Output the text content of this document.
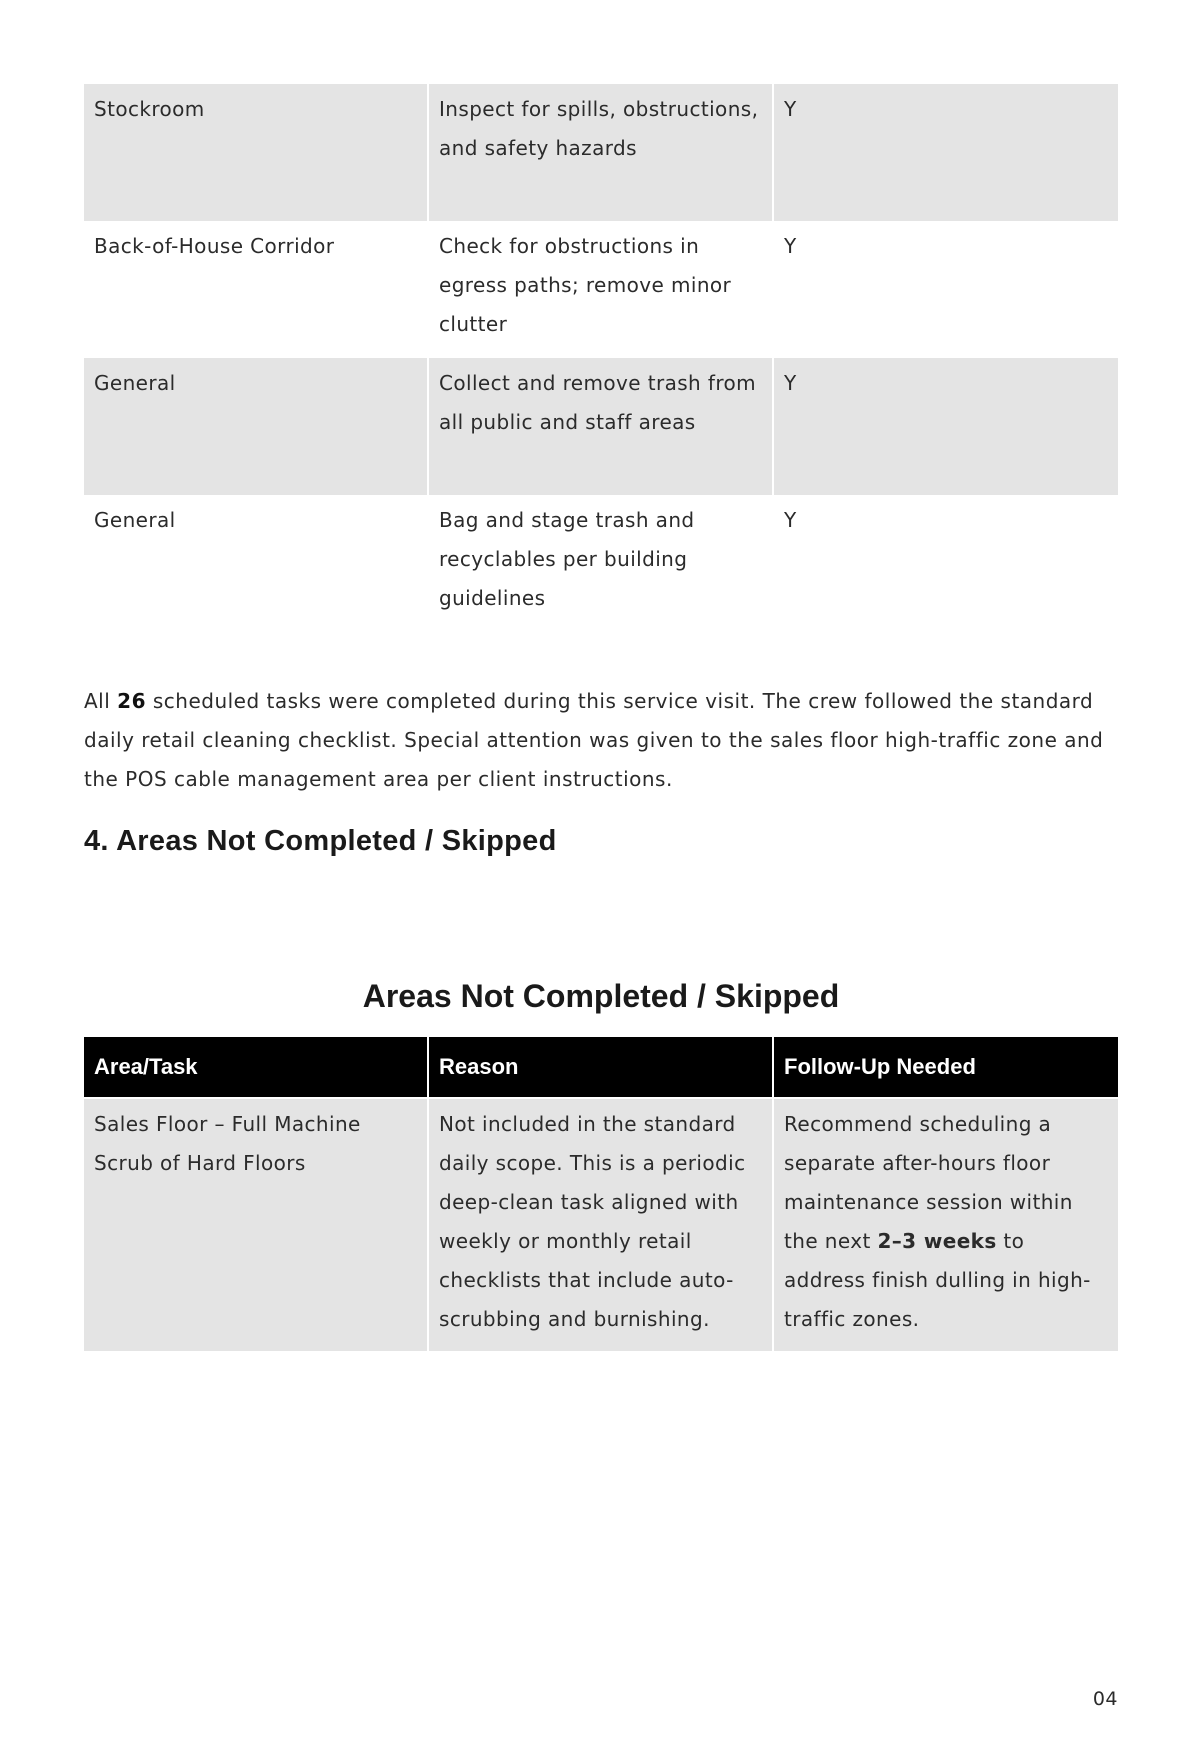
Stockroom	Inspect for spills, obstructions, and safety hazards	Y
Back-of-House Corridor	Check for obstructions in egress paths; remove minor clutter	Y
General	Collect and remove trash from all public and staff areas	Y
General	Bag and stage trash and recyclables per building guidelines	Y

All 26 scheduled tasks were completed during this service visit. The crew followed the standard daily retail cleaning checklist. Special attention was given to the sales floor high-traffic zone and the POS cable management area per client instructions.

4. Areas Not Completed / Skipped
Areas Not Completed / Skipped
Area/Task	Reason	Follow-Up Needed
Sales Floor – Full Machine Scrub of Hard Floors	Not included in the standard daily scope. This is a periodic deep-clean task aligned with weekly or monthly retail checklists that include auto-scrubbing and burnishing.	Recommend scheduling a separate after-hours floor maintenance session within the next 2–3 weeks to address finish dulling in high-traffic zones.
04
